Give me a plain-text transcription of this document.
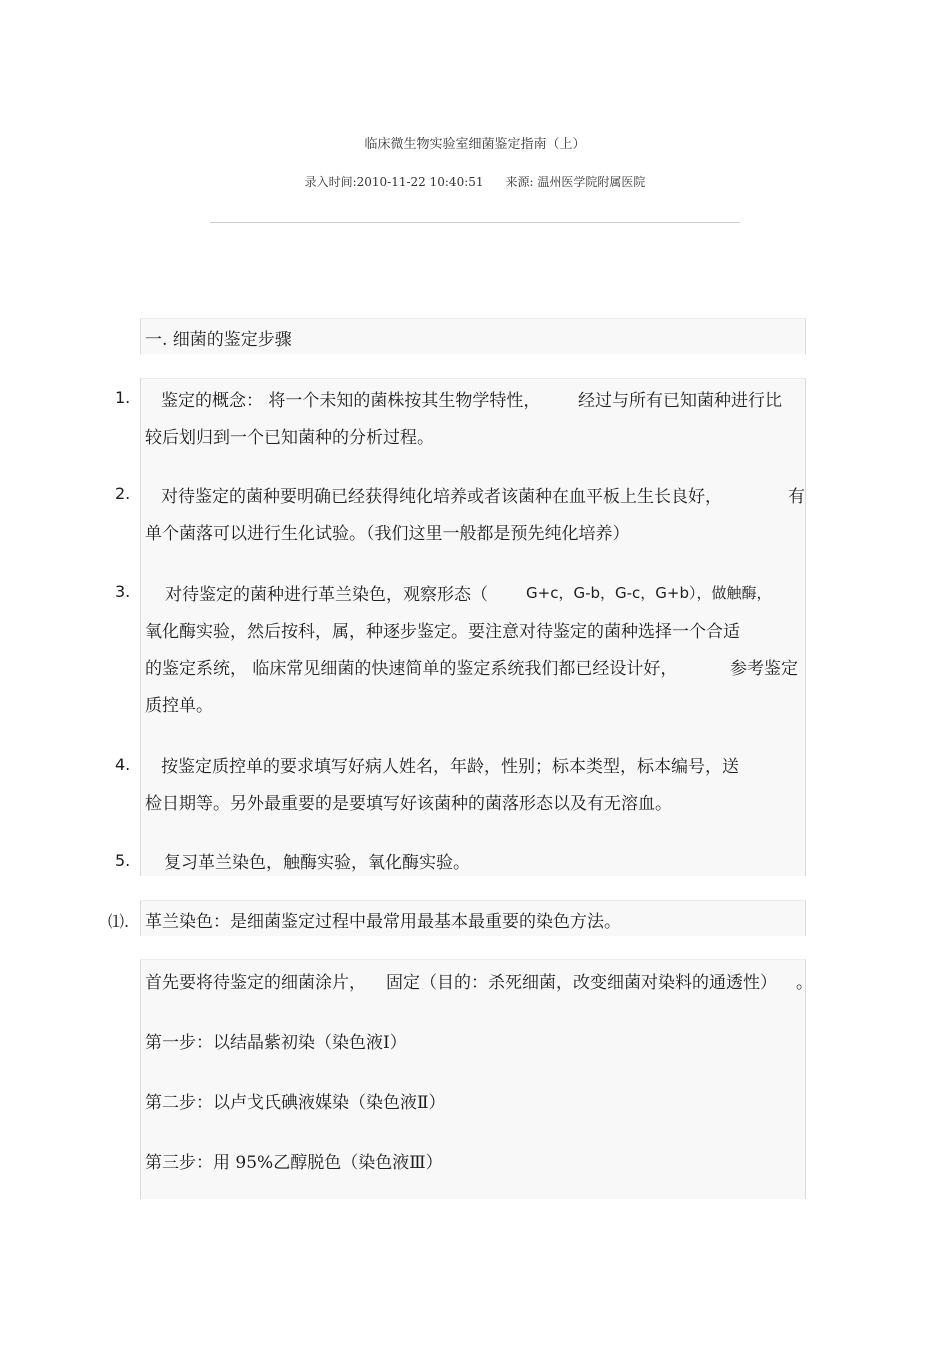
临床微生物实验室细菌鉴定指南（上）
录入时间:2010-11-22 10:40:51 来源: 温州医学院附属医院
一. 细菌的鉴定步骤
1. 鉴定的概念： 将一个未知的菌株按其生物学特性， 经过与所有已知菌种进行比
较后划归到一个已知菌种的分析过程。
2. 对待鉴定的菌种要明确已经获得纯化培养或者该菌种在血平板上生长良好，	有
单个菌落可以进行生化试验。（我们这里一般都是预先纯化培养）
3. 对待鉴定的菌种进行革兰染色，观察形态（	G+c，G-b，G-c，G+b），做触酶，
氧化酶实验，然后按科，属，种逐步鉴定。要注意对待鉴定的菌种选择一个合适
的鉴定系统， 临床常见细菌的快速简单的鉴定系统我们都已经设计好，	参考鉴定
质控单。
4. 按鉴定质控单的要求填写好病人姓名，年龄，性别；标本类型，标本编号，送
检日期等。另外最重要的是要填写好该菌种的菌落形态以及有无溶血。
5. 复习革兰染色，触酶实验，氧化酶实验。
⑴. 革兰染色：是细菌鉴定过程中最常用最基本最重要的染色方法。
首先要将待鉴定的细菌涂片， 固定（目的：杀死细菌，改变细菌对染料的通透性） 。
第一步：以结晶紫初染（染色液Ⅰ）
第二步：以卢戈氏碘液媒染（染色液Ⅱ）
第三步：用 95%乙醇脱色（染色液Ⅲ）
